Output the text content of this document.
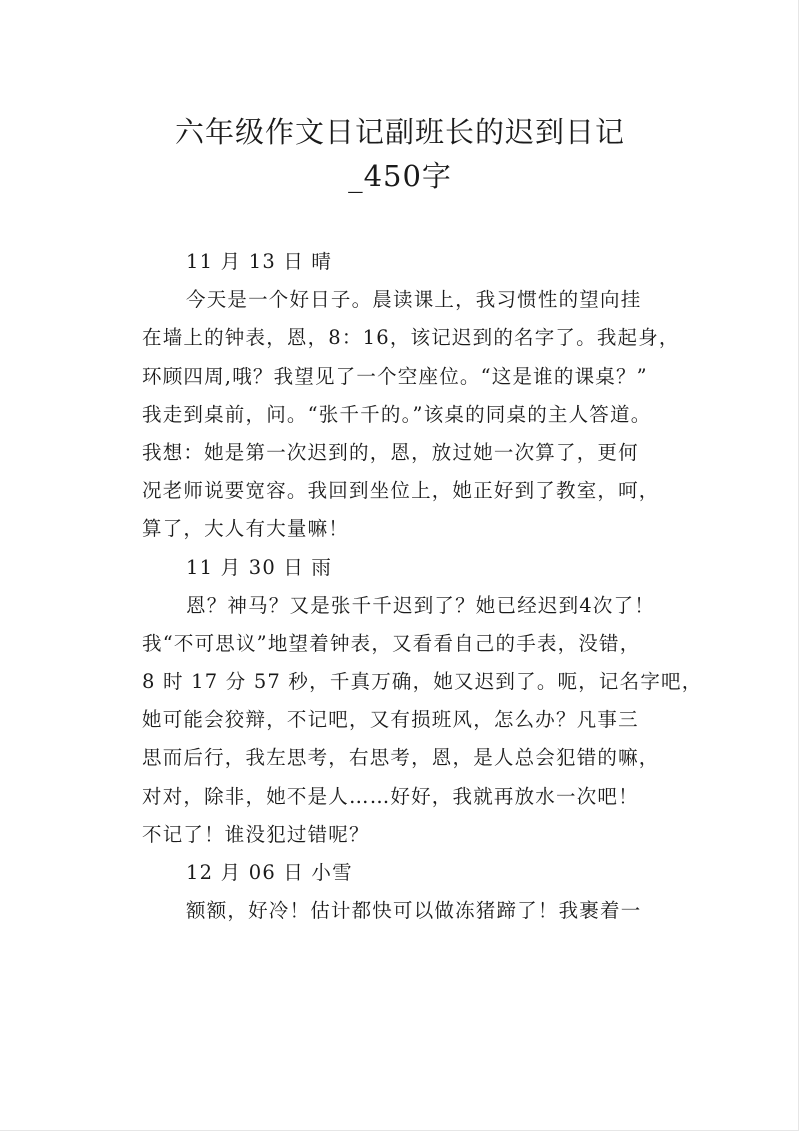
六年级作文日记副班长的迟到日记_450字
11 月 13 日 晴
今天是一个好日子。晨读课上，我习惯性的望向挂
在墙上的钟表，恩，8：16，该记迟到的名字了。我起身，
环顾四周,哦？我望见了一个空座位。“这是谁的课桌？”
我走到桌前，问。“张千千的。”该桌的同桌的主人答道。
我想：她是第一次迟到的，恩，放过她一次算了，更何
况老师说要宽容。我回到坐位上，她正好到了教室，呵，
算了，大人有大量嘛！
11 月 30 日 雨
恩？神马？又是张千千迟到了？她已经迟到4次了！
我“不可思议”地望着钟表，又看看自己的手表，没错，
8 时 17 分 57 秒，千真万确，她又迟到了。呃，记名字吧，
她可能会狡辩，不记吧，又有损班风，怎么办？凡事三
思而后行，我左思考，右思考，恩，是人总会犯错的嘛，
对对，除非，她不是人……好好，我就再放水一次吧！
不记了！谁没犯过错呢？
12 月 06 日 小雪
额额，好冷！估计都快可以做冻猪蹄了！我裹着一
